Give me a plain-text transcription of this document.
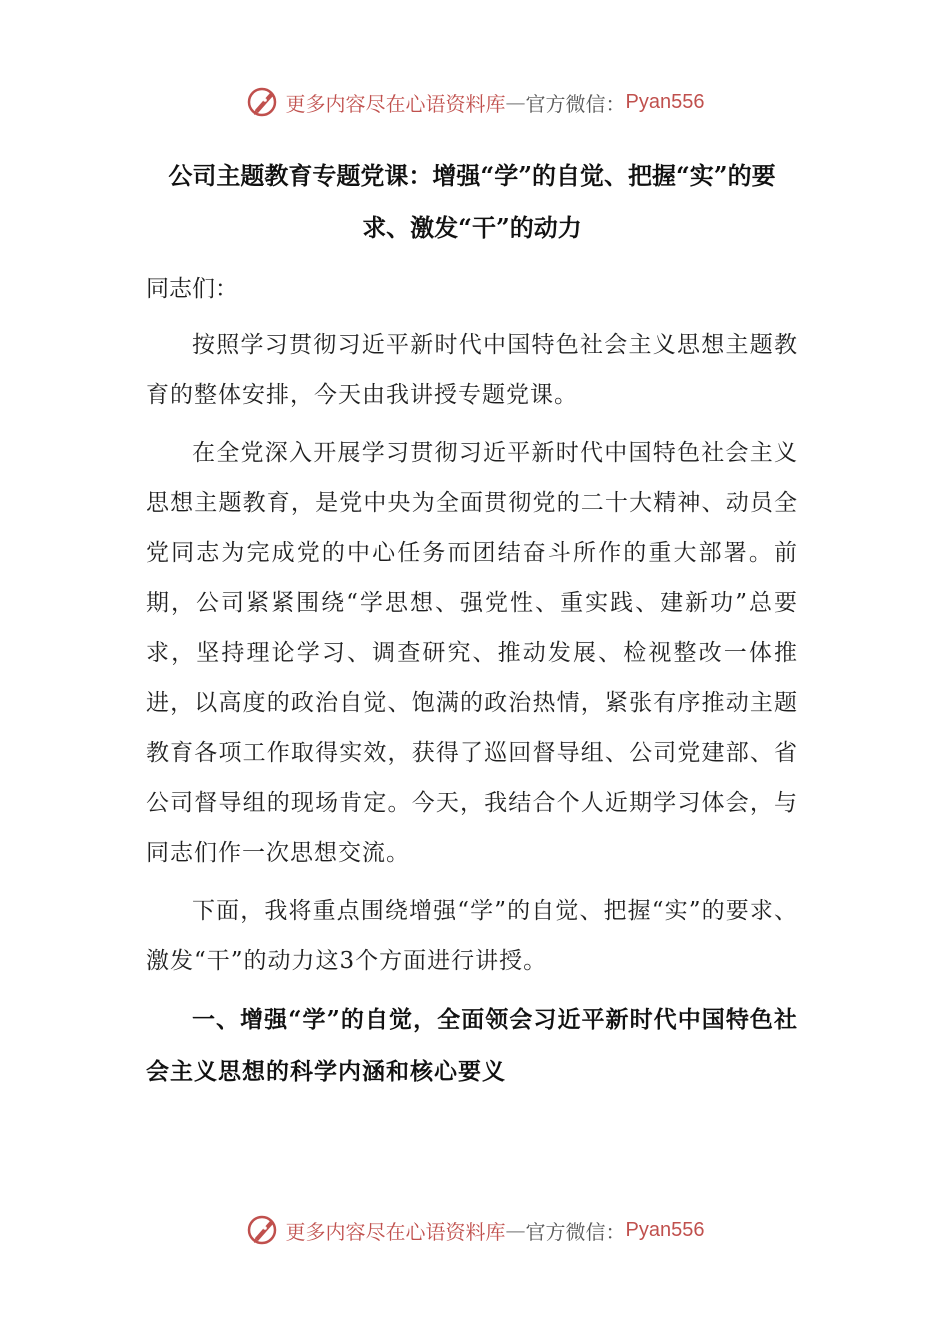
更多内容尽在心语资料库 — 官方微信： Pyan556
公司主题教育专题党课：增强“学”的自觉、把握“实”的要求、激发“干”的动力

同志们：

按照学习贯彻习近平新时代中国特色社会主义思想主题教育的整体安排，今天由我讲授专题党课。

在全党深入开展学习贯彻习近平新时代中国特色社会主义思想主题教育，是党中央为全面贯彻党的二十大精神、动员全党同志为完成党的中心任务而团结奋斗所作的重大部署。前期，公司紧紧围绕“学思想、强党性、重实践、建新功”总要求，坚持理论学习、调查研究、推动发展、检视整改一体推进，以高度的政治自觉、饱满的政治热情，紧张有序推动主题教育各项工作取得实效，获得了巡回督导组、公司党建部、省公司督导组的现场肯定。今天，我结合个人近期学习体会，与同志们作一次思想交流。

下面，我将重点围绕增强“学”的自觉、把握“实”的要求、激发“干”的动力这3个方面进行讲授。

一、增强“学”的自觉，全面领会习近平新时代中国特色社会主义思想的科学内涵和核心要义

更多内容尽在心语资料库 — 官方微信： Pyan556
